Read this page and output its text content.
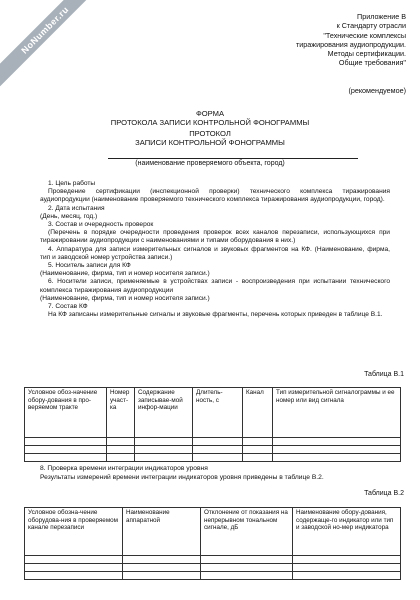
NoNumber.ru	Приложение В
к Стандарту отрасли
"Технические комплексы
тиражирования аудиопродукции.
Методы сертификации.
Общие требования"
(рекомендуемое)
ФОРМА
ПРОТОКОЛА ЗАПИСИ КОНТРОЛЬНОЙ ФОНОГРАММЫ
ПРОТОКОЛ
ЗАПИСИ КОНТРОЛЬНОЙ ФОНОГРАММЫ
(наименование проверяемого объекта, город)

1. Цель работы

Проведение сертификации (инспекционной проверки) технического комплекса тиражирования аудиопродукции (наименование проверяемого технического комплекса тиражирования аудиопродукции, город).

2. Дата испытания

(День, месяц, год.)

3. Состав и очередность проверок

(Перечень в порядке очередности проведения проверок всех каналов перезаписи, использующихся при тиражировании аудиопродукции с наименованиями и типами оборудования в них.)

4. Аппаратура для записи измерительных сигналов и звуковых фрагментов на КФ. (Наименование, фирма, тип и заводской номер устройства записи.)

5. Носитель записи для КФ

(Наименование, фирма, тип и номер носителя записи.)

6. Носители записи, применяемые в устройствах записи - воспроизведения при испытании технического комплекса тиражирования аудиопродукции

(Наименование, фирма, тип и номер носителя записи.)

7. Состав КФ

На КФ записаны измерительные сигналы и звуковые фрагменты, перечень которых приведен в таблице В.1.

Таблица В.1
Условное обоз-начение обору-дования в про-веряемом тракте	Номер участ-ка	Содержание записывае-мой инфор-мации	Длитель-ность, с	Канал	Тип измерительной сигналограммы и ее номер или вид сигнала

8. Проверка времени интеграции индикаторов уровня

Результаты измерений времени интеграции индикаторов уровня приведены в таблице В.2.

Таблица В.2
Условное обозна-чение оборудова-ния в проверяемом канале перезаписи	Наименование аппаратной	Отклонение от показания на непрерывном тональном сигнале, дБ	Наименование обору-дования, содержаще-го индикатор или тип и заводской но-мер индикатора
